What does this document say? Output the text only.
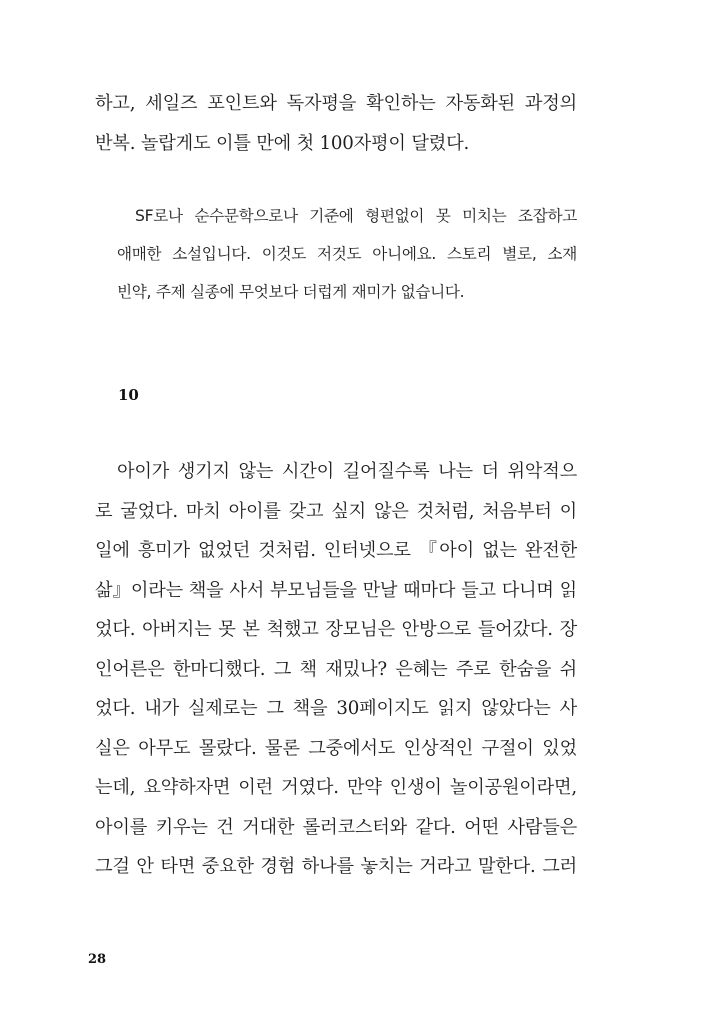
하고, 세일즈 포인트와 독자평을 확인하는 자동화된 과정의
반복. 놀랍게도 이틀 만에 첫 100자평이 달렸다.
SF로나 순수문학으로나 기준에 형편없이 못 미치는 조잡하고
애매한 소설입니다. 이것도 저것도 아니에요. 스토리 별로, 소재
빈약, 주제 실종에 무엇보다 더럽게 재미가 없습니다.
10
아이가 생기지 않는 시간이 길어질수록 나는 더 위악적으
로 굴었다. 마치 아이를 갖고 싶지 않은 것처럼, 처음부터 이
일에 흥미가 없었던 것처럼. 인터넷으로 『아이 없는 완전한
삶』이라는 책을 사서 부모님들을 만날 때마다 들고 다니며 읽
었다. 아버지는 못 본 척했고 장모님은 안방으로 들어갔다. 장
인어른은 한마디했다. 그 책 재밌나? 은혜는 주로 한숨을 쉬
었다. 내가 실제로는 그 책을 30페이지도 읽지 않았다는 사
실은 아무도 몰랐다. 물론 그중에서도 인상적인 구절이 있었
는데, 요약하자면 이런 거였다. 만약 인생이 놀이공원이라면,
아이를 키우는 건 거대한 롤러코스터와 같다. 어떤 사람들은
그걸 안 타면 중요한 경험 하나를 놓치는 거라고 말한다. 그러
28
